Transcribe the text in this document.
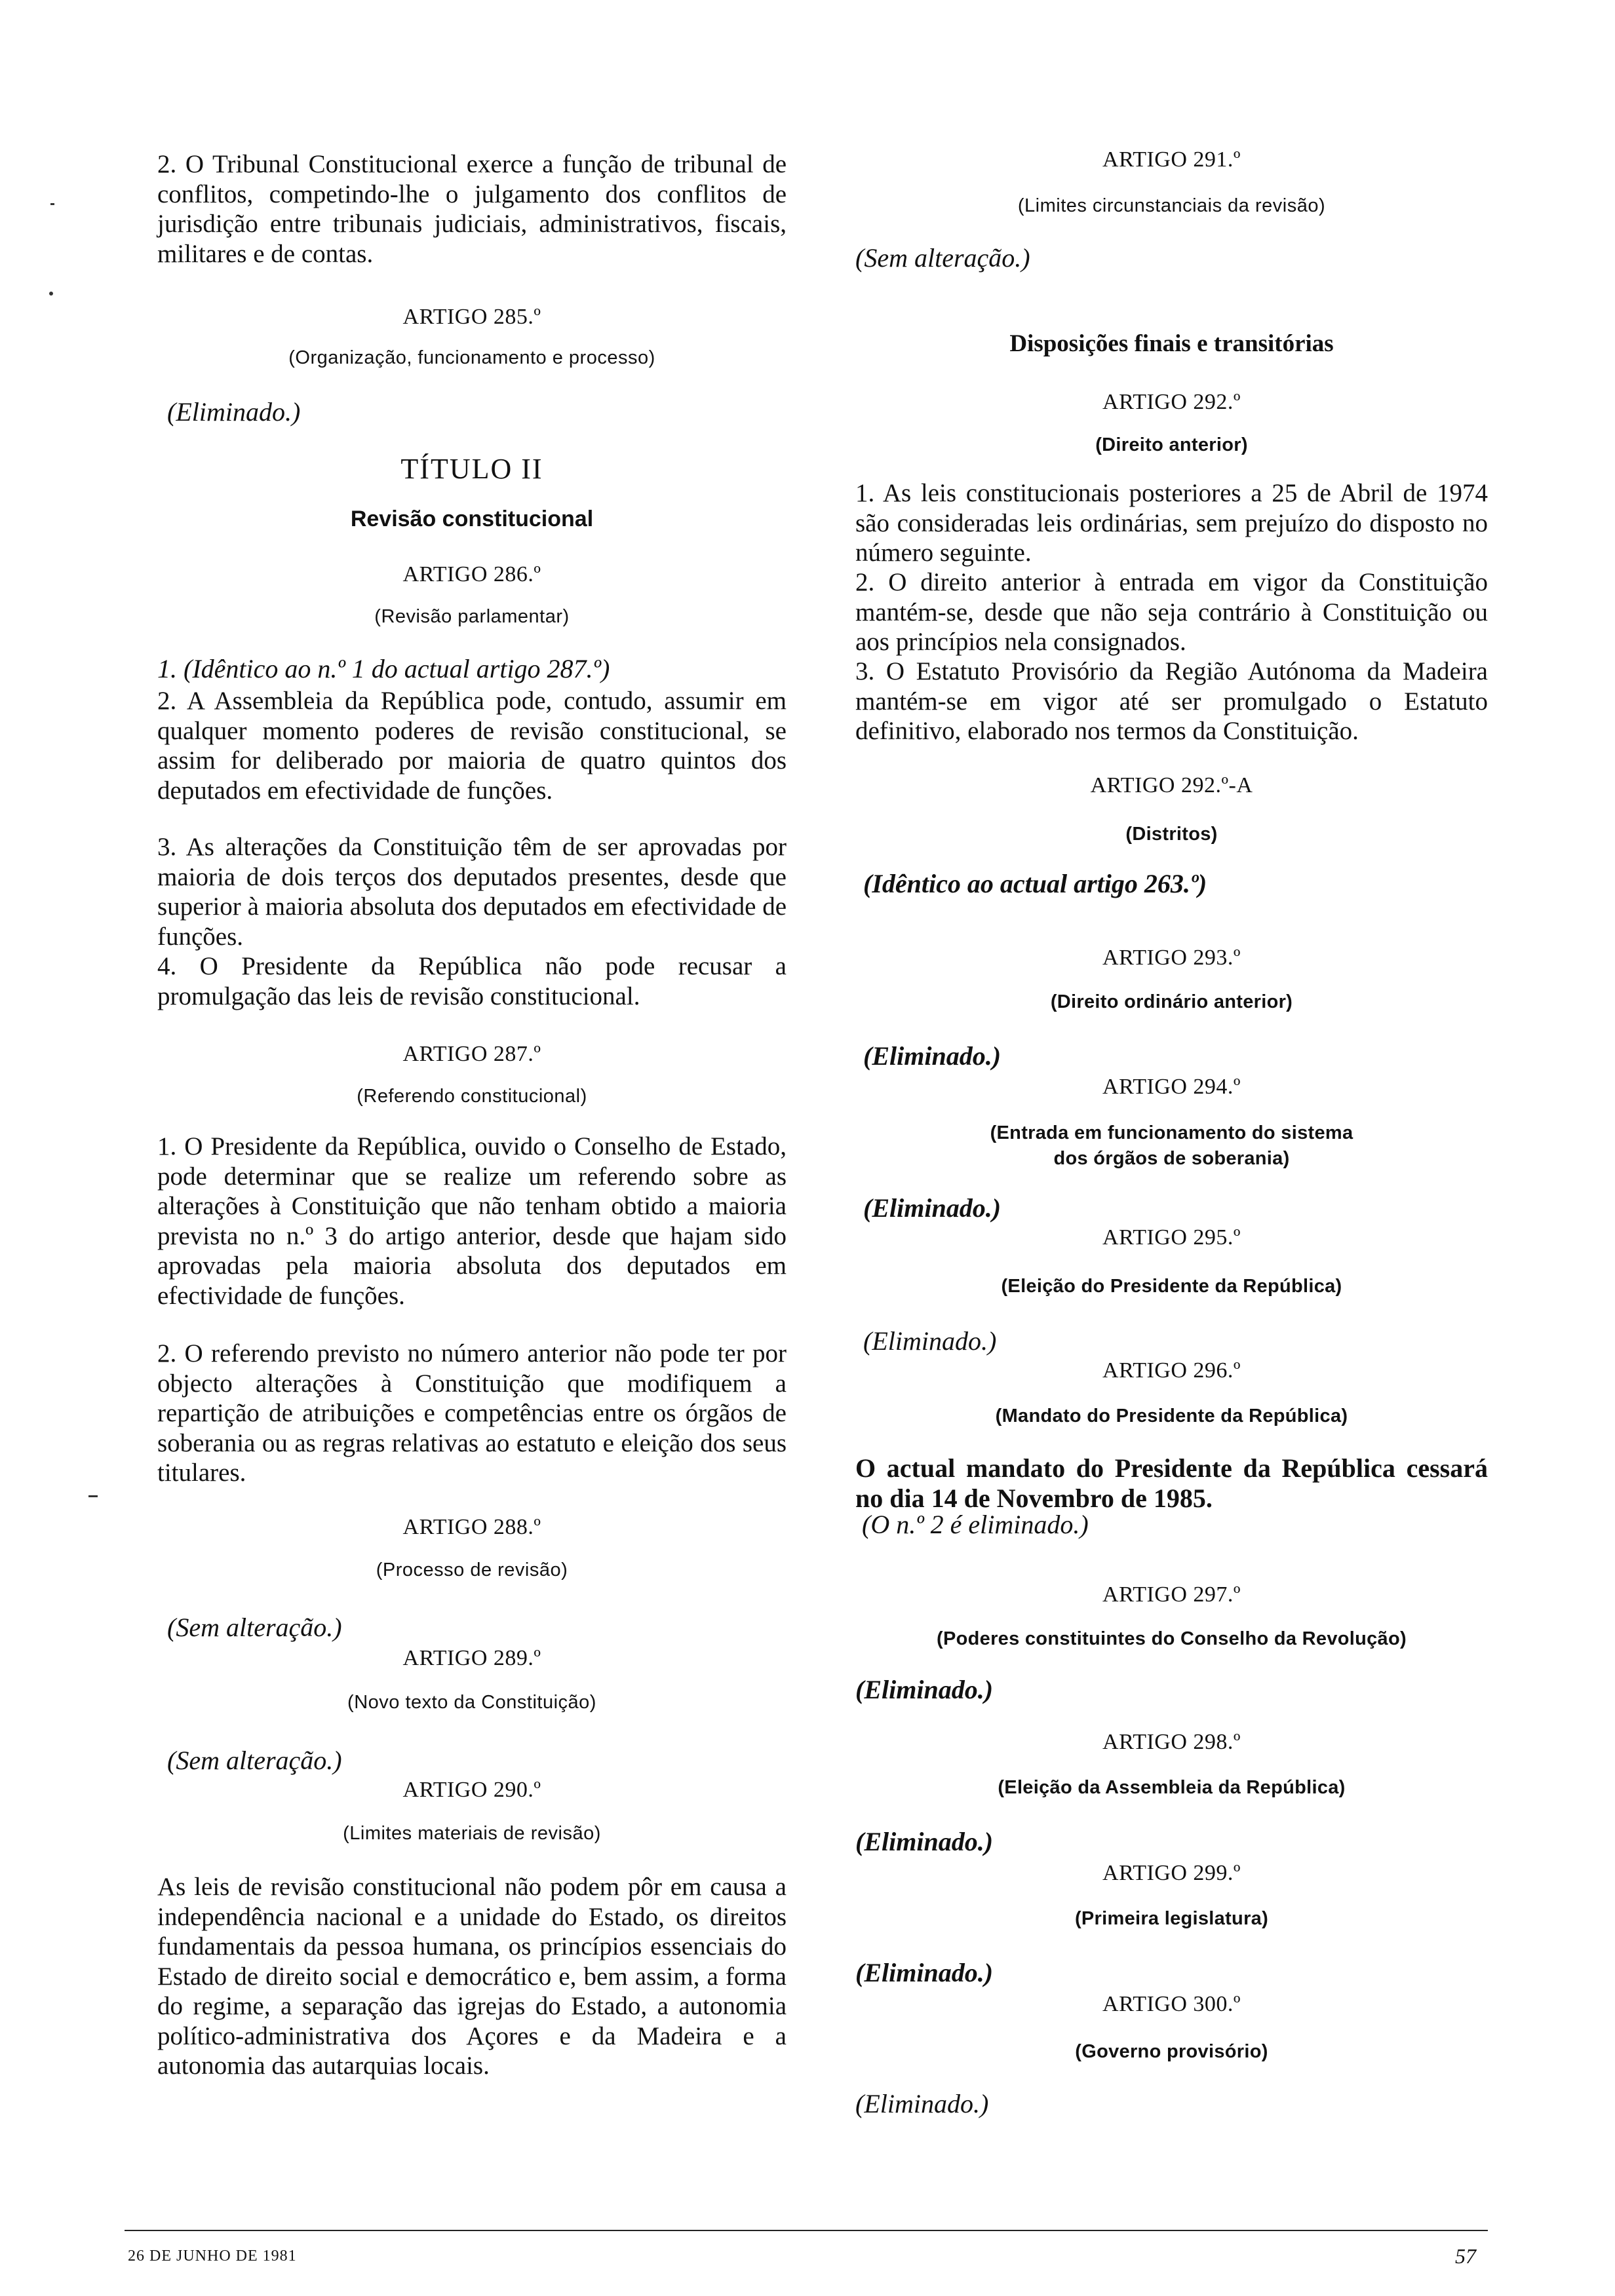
2. O Tribunal Constitucional exerce a função de tribunal de conflitos, competindo-lhe o julgamento dos conflitos de jurisdição entre tribunais judiciais, administrativos, fiscais, militares e de contas.

ARTIGO 285.º
(Organização, funcionamento e processo)
(Eliminado.)
TÍTULO II
Revisão constitucional
ARTIGO 286.º
(Revisão parlamentar)
1. (Idêntico ao n.º 1 do actual artigo 287.º)

2. A Assembleia da República pode, contudo, assumir em qualquer momento poderes de revisão constitucional, se assim for deliberado por maioria de quatro quintos dos deputados em efectividade de funções.

3. As alterações da Constituição têm de ser aprovadas por maioria de dois terços dos deputados presentes, desde que superior à maioria absoluta dos deputados em efectividade de funções.

4. O Presidente da República não pode recusar a promulgação das leis de revisão constitucional.

ARTIGO 287.º
(Referendo constitucional)

1. O Presidente da República, ouvido o Conselho de Estado, pode determinar que se realize um referendo sobre as alterações à Constituição que não tenham obtido a maioria prevista no n.º 3 do artigo anterior, desde que hajam sido aprovadas pela maioria absoluta dos deputados em efectividade de funções.

2. O referendo previsto no número anterior não pode ter por objecto alterações à Constituição que modifiquem a repartição de atribuições e competências entre os órgãos de soberania ou as regras relativas ao estatuto e eleição dos seus titulares.

ARTIGO 288.º
(Processo de revisão)
(Sem alteração.)
ARTIGO 289.º
(Novo texto da Constituição)
(Sem alteração.)
ARTIGO 290.º
(Limites materiais de revisão)

As leis de revisão constitucional não podem pôr em causa a independência nacional e a unidade do Estado, os direitos fundamentais da pessoa humana, os princípios essenciais do Estado de direito social e democrático e, bem assim, a forma do regime, a separação das igrejas do Estado, a autonomia político-administrativa dos Açores e da Madeira e a autonomia das autarquias locais.

ARTIGO 291.º
(Limites circunstanciais da revisão)
(Sem alteração.)
Disposições finais e transitórias
ARTIGO 292.º
(Direito anterior)

1. As leis constitucionais posteriores a 25 de Abril de 1974 são consideradas leis ordinárias, sem prejuízo do disposto no número seguinte.

2. O direito anterior à entrada em vigor da Constituição mantém-se, desde que não seja contrário à Constituição ou aos princípios nela consignados.

3. O Estatuto Provisório da Região Autónoma da Madeira mantém-se em vigor até ser promulgado o Estatuto definitivo, elaborado nos termos da Constituição.

ARTIGO 292.º-A
(Distritos)
(Idêntico ao actual artigo 263.º)
ARTIGO 293.º
(Direito ordinário anterior)
(Eliminado.)
ARTIGO 294.º
(Entrada em funcionamento do sistema
dos órgãos de soberania)
(Eliminado.)
ARTIGO 295.º
(Eleição do Presidente da República)
(Eliminado.)
ARTIGO 296.º
(Mandato do Presidente da República)

O actual mandato do Presidente da República cessará no dia 14 de Novembro de 1985.

(O n.º 2 é eliminado.)
ARTIGO 297.º
(Poderes constituintes do Conselho da Revolução)
(Eliminado.)
ARTIGO 298.º
(Eleição da Assembleia da República)
(Eliminado.)
ARTIGO 299.º
(Primeira legislatura)
(Eliminado.)
ARTIGO 300.º
(Governo provisório)
(Eliminado.)
26 DE JUNHO DE 1981	57
